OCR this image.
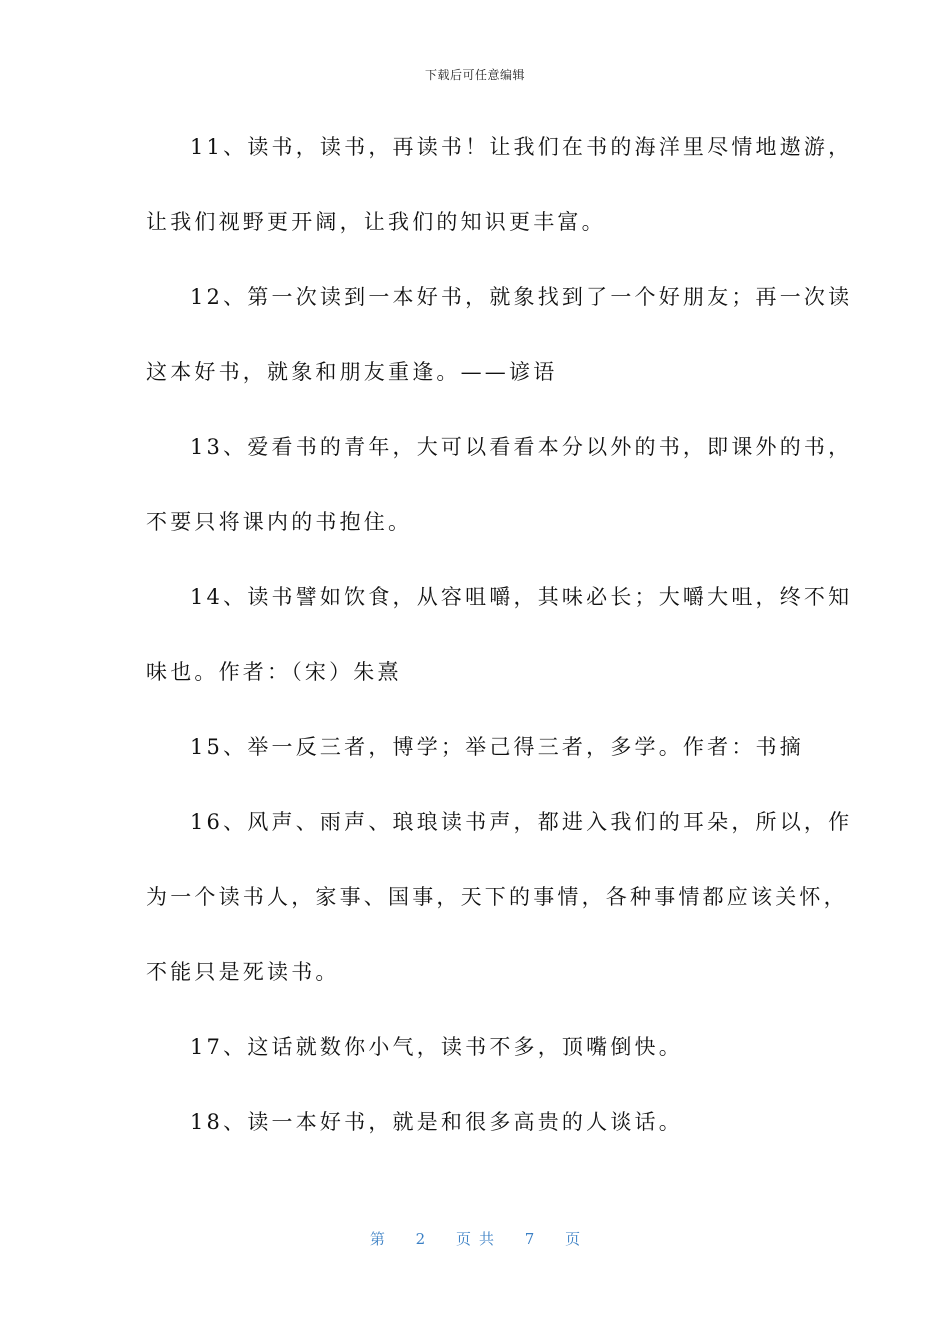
下载后可任意编辑
11、读书，读书，再读书！让我们在书的海洋里尽情地遨游，
让我们视野更开阔，让我们的知识更丰富。
12、第一次读到一本好书，就象找到了一个好朋友；再一次读
这本好书，就象和朋友重逢。——谚语
13、爱看书的青年，大可以看看本分以外的书，即课外的书，
不要只将课内的书抱住。
14、读书譬如饮食，从容咀嚼，其味必长；大嚼大咀，终不知
味也。作者：（宋）朱熹
15、举一反三者，博学；举己得三者，多学。作者：书摘
16、风声、雨声、琅琅读书声，都进入我们的耳朵，所以，作
为一个读书人，家事、国事，天下的事情，各种事情都应该关怀，
不能只是死读书。
17、这话就数你小气，读书不多，顶嘴倒快。
18、读一本好书，就是和很多高贵的人谈话。
第 2 页 共 7 页
